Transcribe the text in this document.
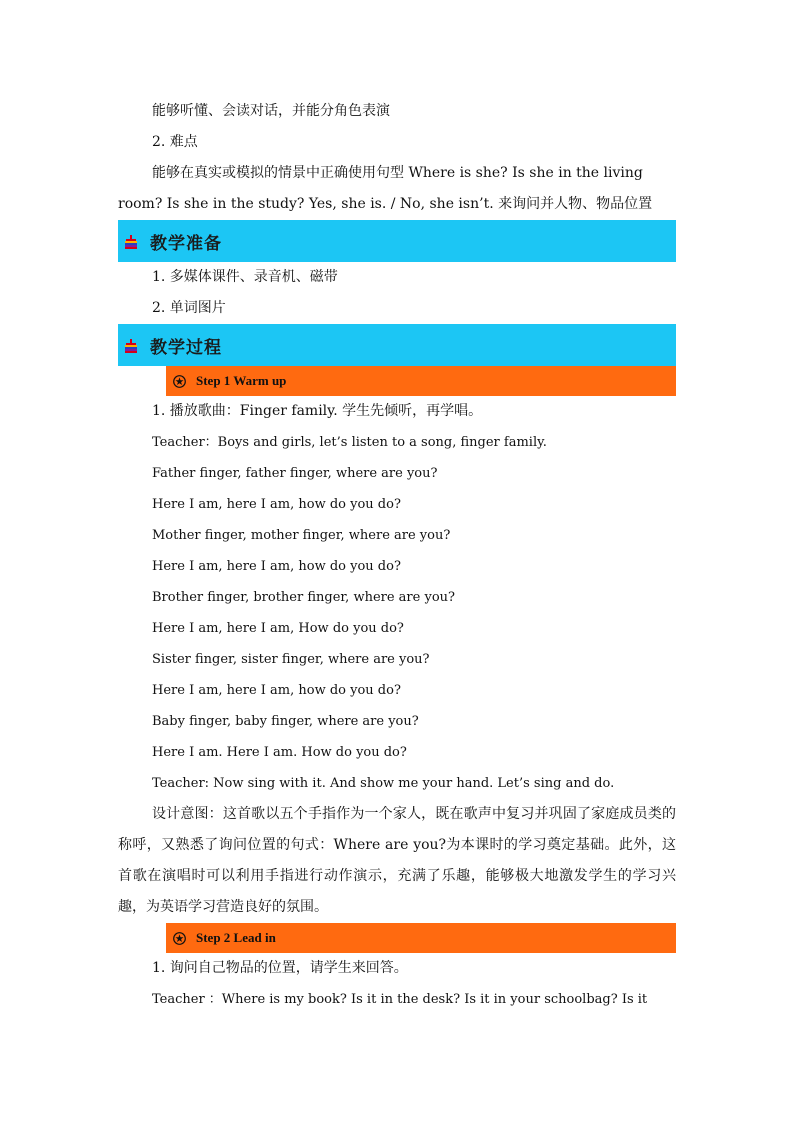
能够听懂、会读对话，并能分角色表演
2. 难点
能够在真实或模拟的情景中正确使用句型 Where is she? Is she in the living
room? Is she in the study? Yes, she is. / No, she isn’t. 来询问并人物、物品位置
教学准备
1. 多媒体课件、录音机、磁带
2. 单词图片
教学过程
Step 1 Warm up
1. 播放歌曲：Finger family. 学生先倾听，再学唱。
Teacher：Boys and girls, let’s listen to a song, finger family.
Father finger, father finger, where are you?
Here I am, here I am, how do you do?
Mother finger, mother finger, where are you?
Here I am, here I am, how do you do?
Brother finger, brother finger, where are you?
Here I am, here I am, How do you do?
Sister finger, sister finger, where are you?
Here I am, here I am, how do you do?
Baby finger, baby finger, where are you?
Here I am. Here I am. How do you do?
Teacher: Now sing with it. And show me your hand. Let’s sing and do.

设计意图：这首歌以五个手指作为一个家人，既在歌声中复习并巩固了家庭成员类的称呼，又熟悉了询问位置的句式：Where are you?为本课时的学习奠定基础。此外，这首歌在演唱时可以利用手指进行动作演示，充满了乐趣，能够极大地激发学生的学习兴趣，为英语学习营造良好的氛围。

Step 2 Lead in
1. 询问自己物品的位置，请学生来回答。
Teacher ：Where is my book? Is it in the desk? Is it in your schoolbag? Is it
